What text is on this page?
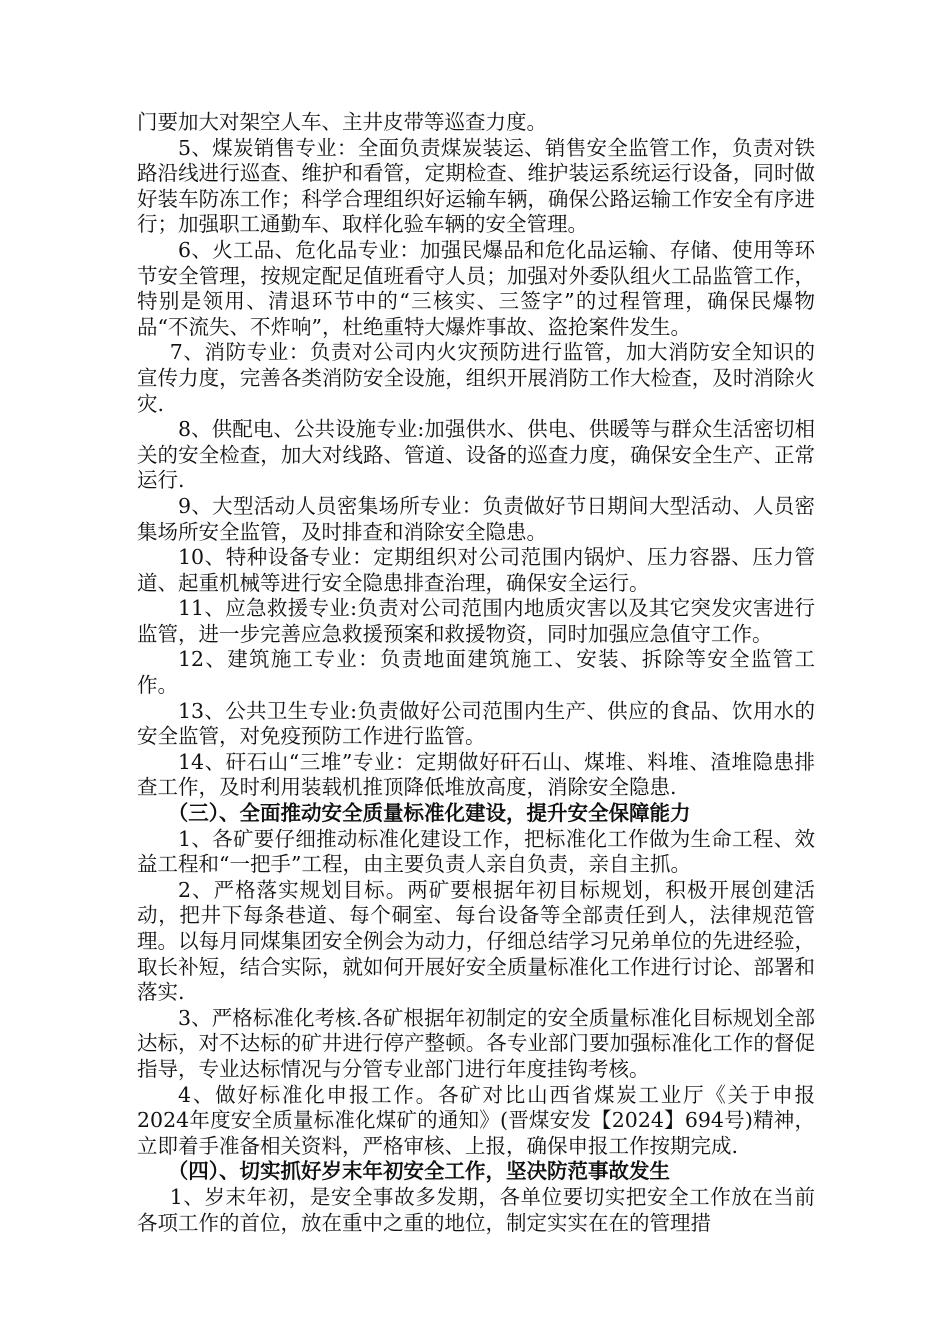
门要加大对架空人车、主井皮带等巡查力度。

5、煤炭销售专业：全面负责煤炭装运、销售安全监管工作，负责对铁路沿线进行巡查、维护和看管，定期检查、维护装运系统运行设备，同时做好装车防冻工作；科学合理组织好运输车辆，确保公路运输工作安全有序进行；加强职工通勤车、取样化验车辆的安全管理。

6、火工品、危化品专业：加强民爆品和危化品运输、存储、使用等环节安全管理，按规定配足值班看守人员；加强对外委队组火工品监管工作，特别是领用、清退环节中的“三核实、三签字”的过程管理，确保民爆物品“不流失、不炸响”，杜绝重特大爆炸事故、盗抢案件发生。

7、消防专业：负责对公司内火灾预防进行监管，加大消防安全知识的宣传力度，完善各类消防安全设施，组织开展消防工作大检查，及时消除火灾.

8、供配电、公共设施专业:加强供水、供电、供暖等与群众生活密切相关的安全检查，加大对线路、管道、设备的巡查力度，确保安全生产、正常运行.

9、大型活动人员密集场所专业：负责做好节日期间大型活动、人员密集场所安全监管，及时排查和消除安全隐患。

10、特种设备专业：定期组织对公司范围内锅炉、压力容器、压力管道、起重机械等进行安全隐患排查治理，确保安全运行。

11、应急救援专业:负责对公司范围内地质灾害以及其它突发灾害进行监管，进一步完善应急救援预案和救援物资，同时加强应急值守工作。

12、建筑施工专业：负责地面建筑施工、安装、拆除等安全监管工作。

13、公共卫生专业:负责做好公司范围内生产、供应的食品、饮用水的安全监管，对免疫预防工作进行监管。

14、矸石山“三堆”专业：定期做好矸石山、煤堆、料堆、渣堆隐患排查工作，及时利用装载机推顶降低堆放高度，消除安全隐患.

（三）、全面推动安全质量标准化建设，提升安全保障能力

1、各矿要仔细推动标准化建设工作，把标准化工作做为生命工程、效益工程和“一把手”工程，由主要负责人亲自负责，亲自主抓。

2、严格落实规划目标。两矿要根据年初目标规划，积极开展创建活动，把井下每条巷道、每个硐室、每台设备等全部责任到人，法律规范管理。以每月同煤集团安全例会为动力，仔细总结学习兄弟单位的先进经验，取长补短，结合实际，就如何开展好安全质量标准化工作进行讨论、部署和落实.

3、严格标准化考核.各矿根据年初制定的安全质量标准化目标规划全部达标，对不达标的矿井进行停产整顿。各专业部门要加强标准化工作的督促指导，专业达标情况与分管专业部门进行年度挂钩考核。

4、做好标准化申报工作。各矿对比山西省煤炭工业厅《关于申报2024年度安全质量标准化煤矿的通知》(晋煤安发【2024】694号)精神，立即着手准备相关资料，严格审核、上报，确保申报工作按期完成.

（四）、切实抓好岁末年初安全工作，坚决防范事故发生

1、岁末年初，是安全事故多发期，各单位要切实把安全工作放在当前各项工作的首位，放在重中之重的地位，制定实实在在的管理措
